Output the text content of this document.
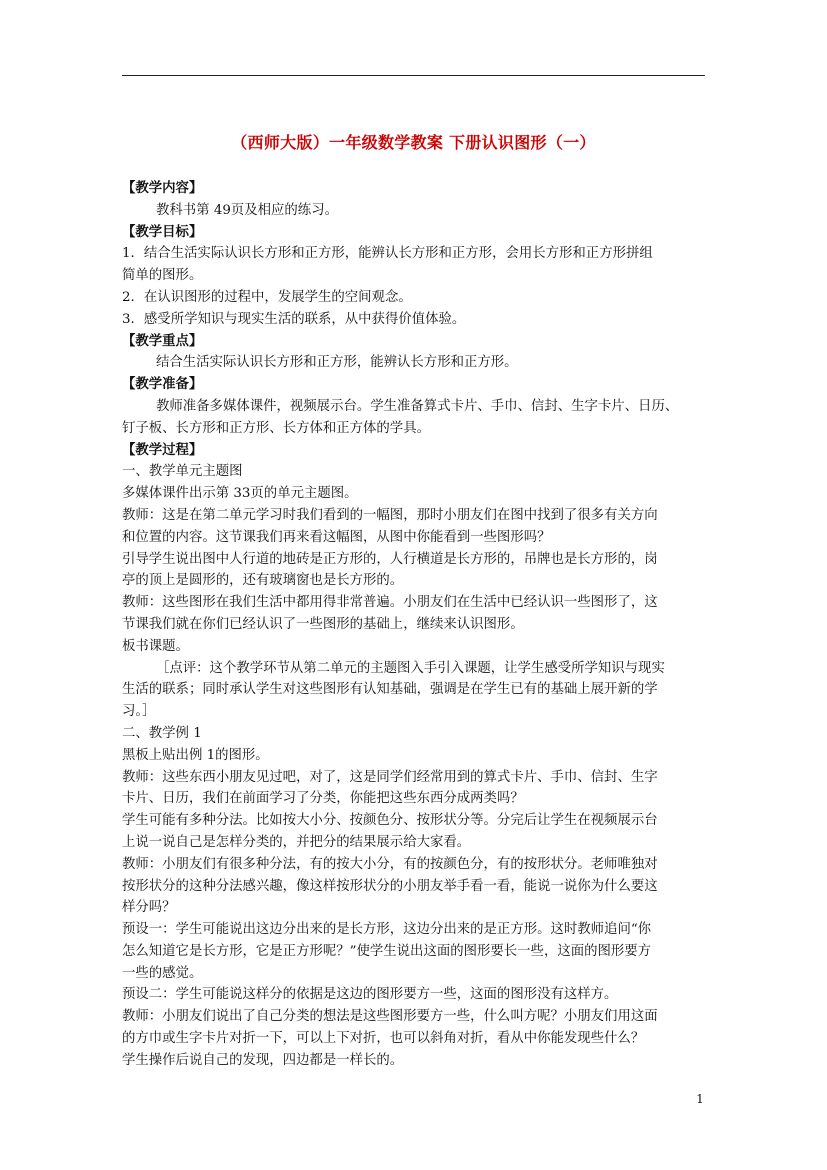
（西师大版）一年级数学教案 下册认识图形（一）
【教学内容】
教科书第 49页及相应的练习。
【教学目标】
1．结合生活实际认识长方形和正方形，能辨认长方形和正方形，会用长方形和正方形拼组
简单的图形。
2．在认识图形的过程中，发展学生的空间观念。
3．感受所学知识与现实生活的联系，从中获得价值体验。
【教学重点】
结合生活实际认识长方形和正方形，能辨认长方形和正方形。
【教学准备】
教师准备多媒体课件，视频展示台。学生准备算式卡片、手巾、信封、生字卡片、日历、
钉子板、长方形和正方形、长方体和正方体的学具。
【教学过程】
一、教学单元主题图
多媒体课件出示第 33页的单元主题图。
教师：这是在第二单元学习时我们看到的一幅图，那时小朋友们在图中找到了很多有关方向
和位置的内容。这节课我们再来看这幅图，从图中你能看到一些图形吗？
引导学生说出图中人行道的地砖是正方形的，人行横道是长方形的，吊牌也是长方形的，岗
亭的顶上是圆形的，还有玻璃窗也是长方形的。
教师：这些图形在我们生活中都用得非常普遍。小朋友们在生活中已经认识一些图形了，这
节课我们就在你们已经认识了一些图形的基础上，继续来认识图形。
板书课题。
［点评：这个教学环节从第二单元的主题图入手引入课题，让学生感受所学知识与现实
生活的联系；同时承认学生对这些图形有认知基础，强调是在学生已有的基础上展开新的学
习。］
二、教学例 1
黑板上贴出例 1的图形。
教师：这些东西小朋友见过吧，对了，这是同学们经常用到的算式卡片、手巾、信封、生字
卡片、日历，我们在前面学习了分类，你能把这些东西分成两类吗？
学生可能有多种分法。比如按大小分、按颜色分、按形状分等。分完后让学生在视频展示台
上说一说自己是怎样分类的，并把分的结果展示给大家看。
教师：小朋友们有很多种分法，有的按大小分，有的按颜色分，有的按形状分。老师唯独对
按形状分的这种分法感兴趣，像这样按形状分的小朋友举手看一看，能说一说你为什么要这
样分吗？
预设一：学生可能说出这边分出来的是长方形，这边分出来的是正方形。这时教师追问“你
怎么知道它是长方形，它是正方形呢？”使学生说出这面的图形要长一些，这面的图形要方
一些的感觉。
预设二：学生可能说这样分的依据是这边的图形要方一些，这面的图形没有这样方。
教师：小朋友们说出了自己分类的想法是这些图形要方一些，什么叫方呢？小朋友们用这面
的方巾或生字卡片对折一下，可以上下对折，也可以斜角对折，看从中你能发现些什么？
学生操作后说自己的发现，四边都是一样长的。
1
